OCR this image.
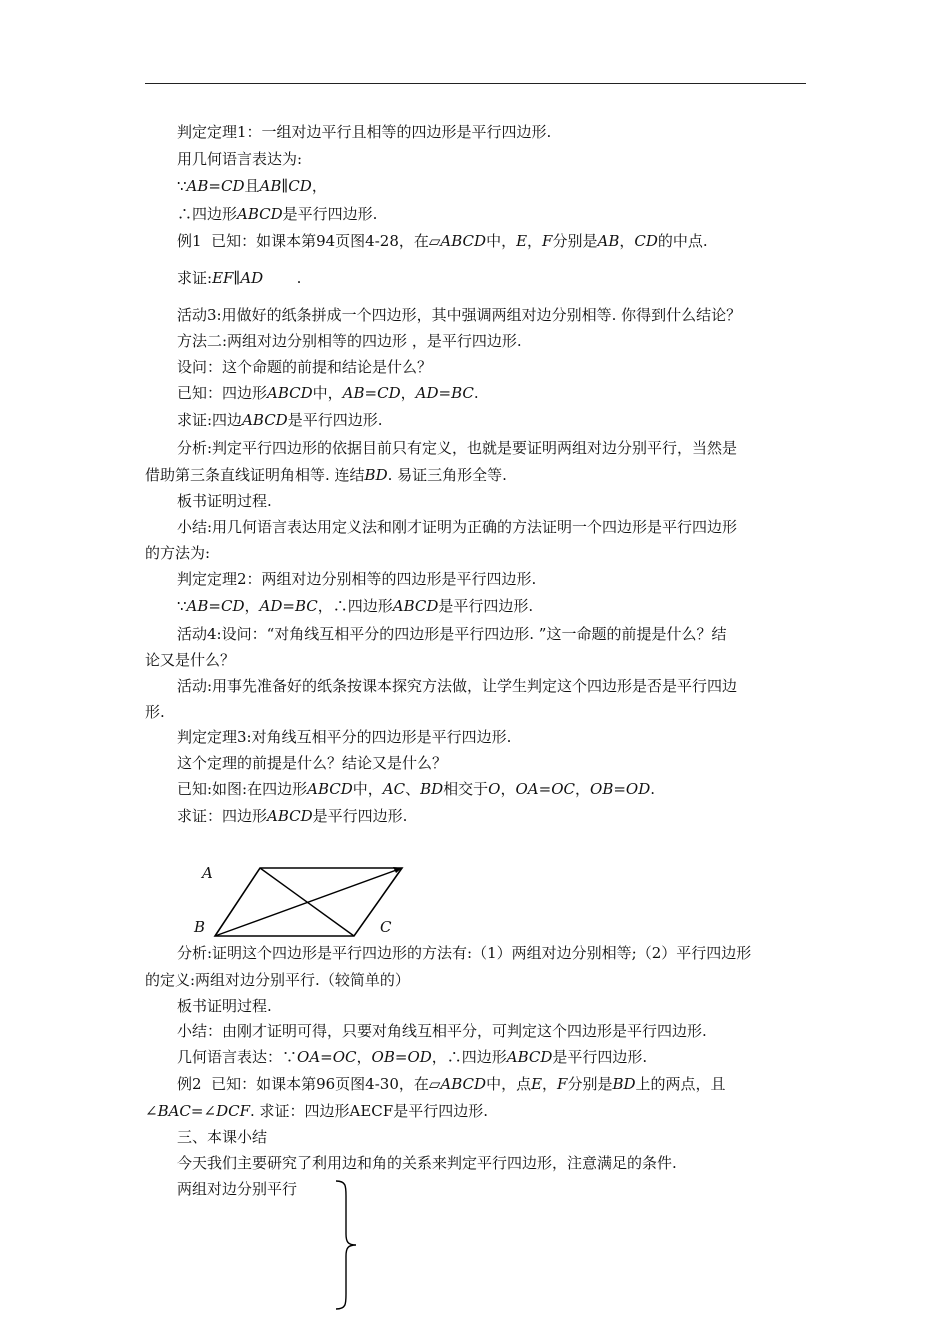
判定定理1：一组对边平行且相等的四边形是平行四边形.
用几何语言表达为:
∵AB=CD且AB∥CD，
∴四边形ABCD是平行四边形.
例1  已知：如课本第94页图4-28，在▱ABCD中，E，F分别是AB，CD的中点.
求证:EF∥AD       .
活动3:用做好的纸条拼成一个四边形，其中强调两组对边分别相等. 你得到什么结论？
方法二:两组对边分别相等的四边形 ，是平行四边形.
设问：这个命题的前提和结论是什么？
已知：四边形ABCD中，AB=CD，AD=BC.
求证:四边ABCD是平行四边形.
分析:判定平行四边形的依据目前只有定义，也就是要证明两组对边分别平行，当然是
借助第三条直线证明角相等. 连结BD. 易证三角形全等.
板书证明过程.
小结:用几何语言表达用定义法和刚才证明为正确的方法证明一个四边形是平行四边形
的方法为:
判定定理2：两组对边分别相等的四边形是平行四边形.
∵AB=CD，AD=BC，∴四边形ABCD是平行四边形.
活动4:设问：“对角线互相平分的四边形是平行四边形. ”这一命题的前提是什么？结
论又是什么？
活动:用事先准备好的纸条按课本探究方法做，让学生判定这个四边形是否是平行四边
形.
判定定理3:对角线互相平分的四边形是平行四边形.
这个定理的前提是什么？结论又是什么？
已知:如图:在四边形ABCD中，AC、BD相交于O，OA=OC，OB=OD.
求证：四边形ABCD是平行四边形.
A
B	C
分析:证明这个四边形是平行四边形的方法有:（1）两组对边分别相等;（2）平行四边形
的定义:两组对边分别平行.（较简单的）
板书证明过程.
小结：由刚才证明可得，只要对角线互相平分，可判定这个四边形是平行四边形.
几何语言表达：∵OA=OC，OB=OD，∴四边形ABCD是平行四边形.
例2  已知：如课本第96页图4-30，在▱ABCD中，点E，F分别是BD上的两点，且
∠BAC=∠DCF. 求证：四边形AECF是平行四边形.
三、本课小结
今天我们主要研究了利用边和角的关系来判定平行四边形，注意满足的条件.
两组对边分别平行
